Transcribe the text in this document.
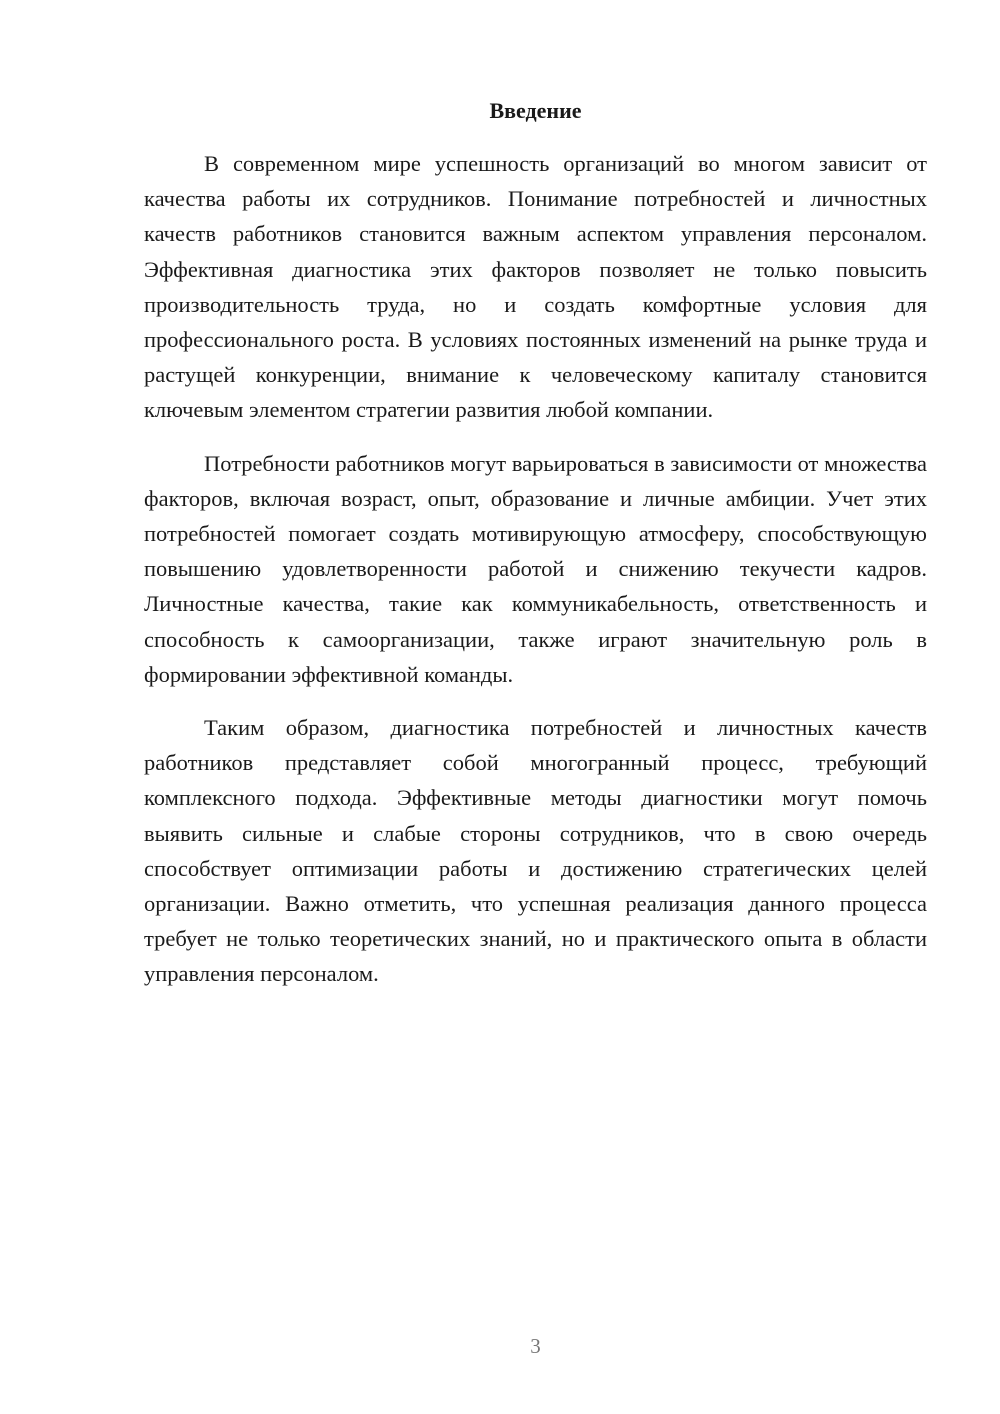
Введение

В современном мире успешность организаций во многом зависит от качества работы их сотрудников. Понимание потребностей и личностных качеств работников становится важным аспектом управления персоналом. Эффективная диагностика этих факторов позволяет не только повысить производительность труда, но и создать комфортные условия для профессионального роста. В условиях постоянных изменений на рынке труда и растущей конкуренции, внимание к человеческому капиталу становится ключевым элементом стратегии развития любой компании.

Потребности работников могут варьироваться в зависимости от множества факторов, включая возраст, опыт, образование и личные амбиции. Учет этих потребностей помогает создать мотивирующую атмосферу, способствующую повышению удовлетворенности работой и снижению текучести кадров. Личностные качества, такие как коммуникабельность, ответственность и способность к самоорганизации, также играют значительную роль в формировании эффективной команды.

Таким образом, диагностика потребностей и личностных качеств работников представляет собой многогранный процесс, требующий комплексного подхода. Эффективные методы диагностики могут помочь выявить сильные и слабые стороны сотрудников, что в свою очередь способствует оптимизации работы и достижению стратегических целей организации. Важно отметить, что успешная реализация данного процесса требует не только теоретических знаний, но и практического опыта в области управления персоналом.

3
